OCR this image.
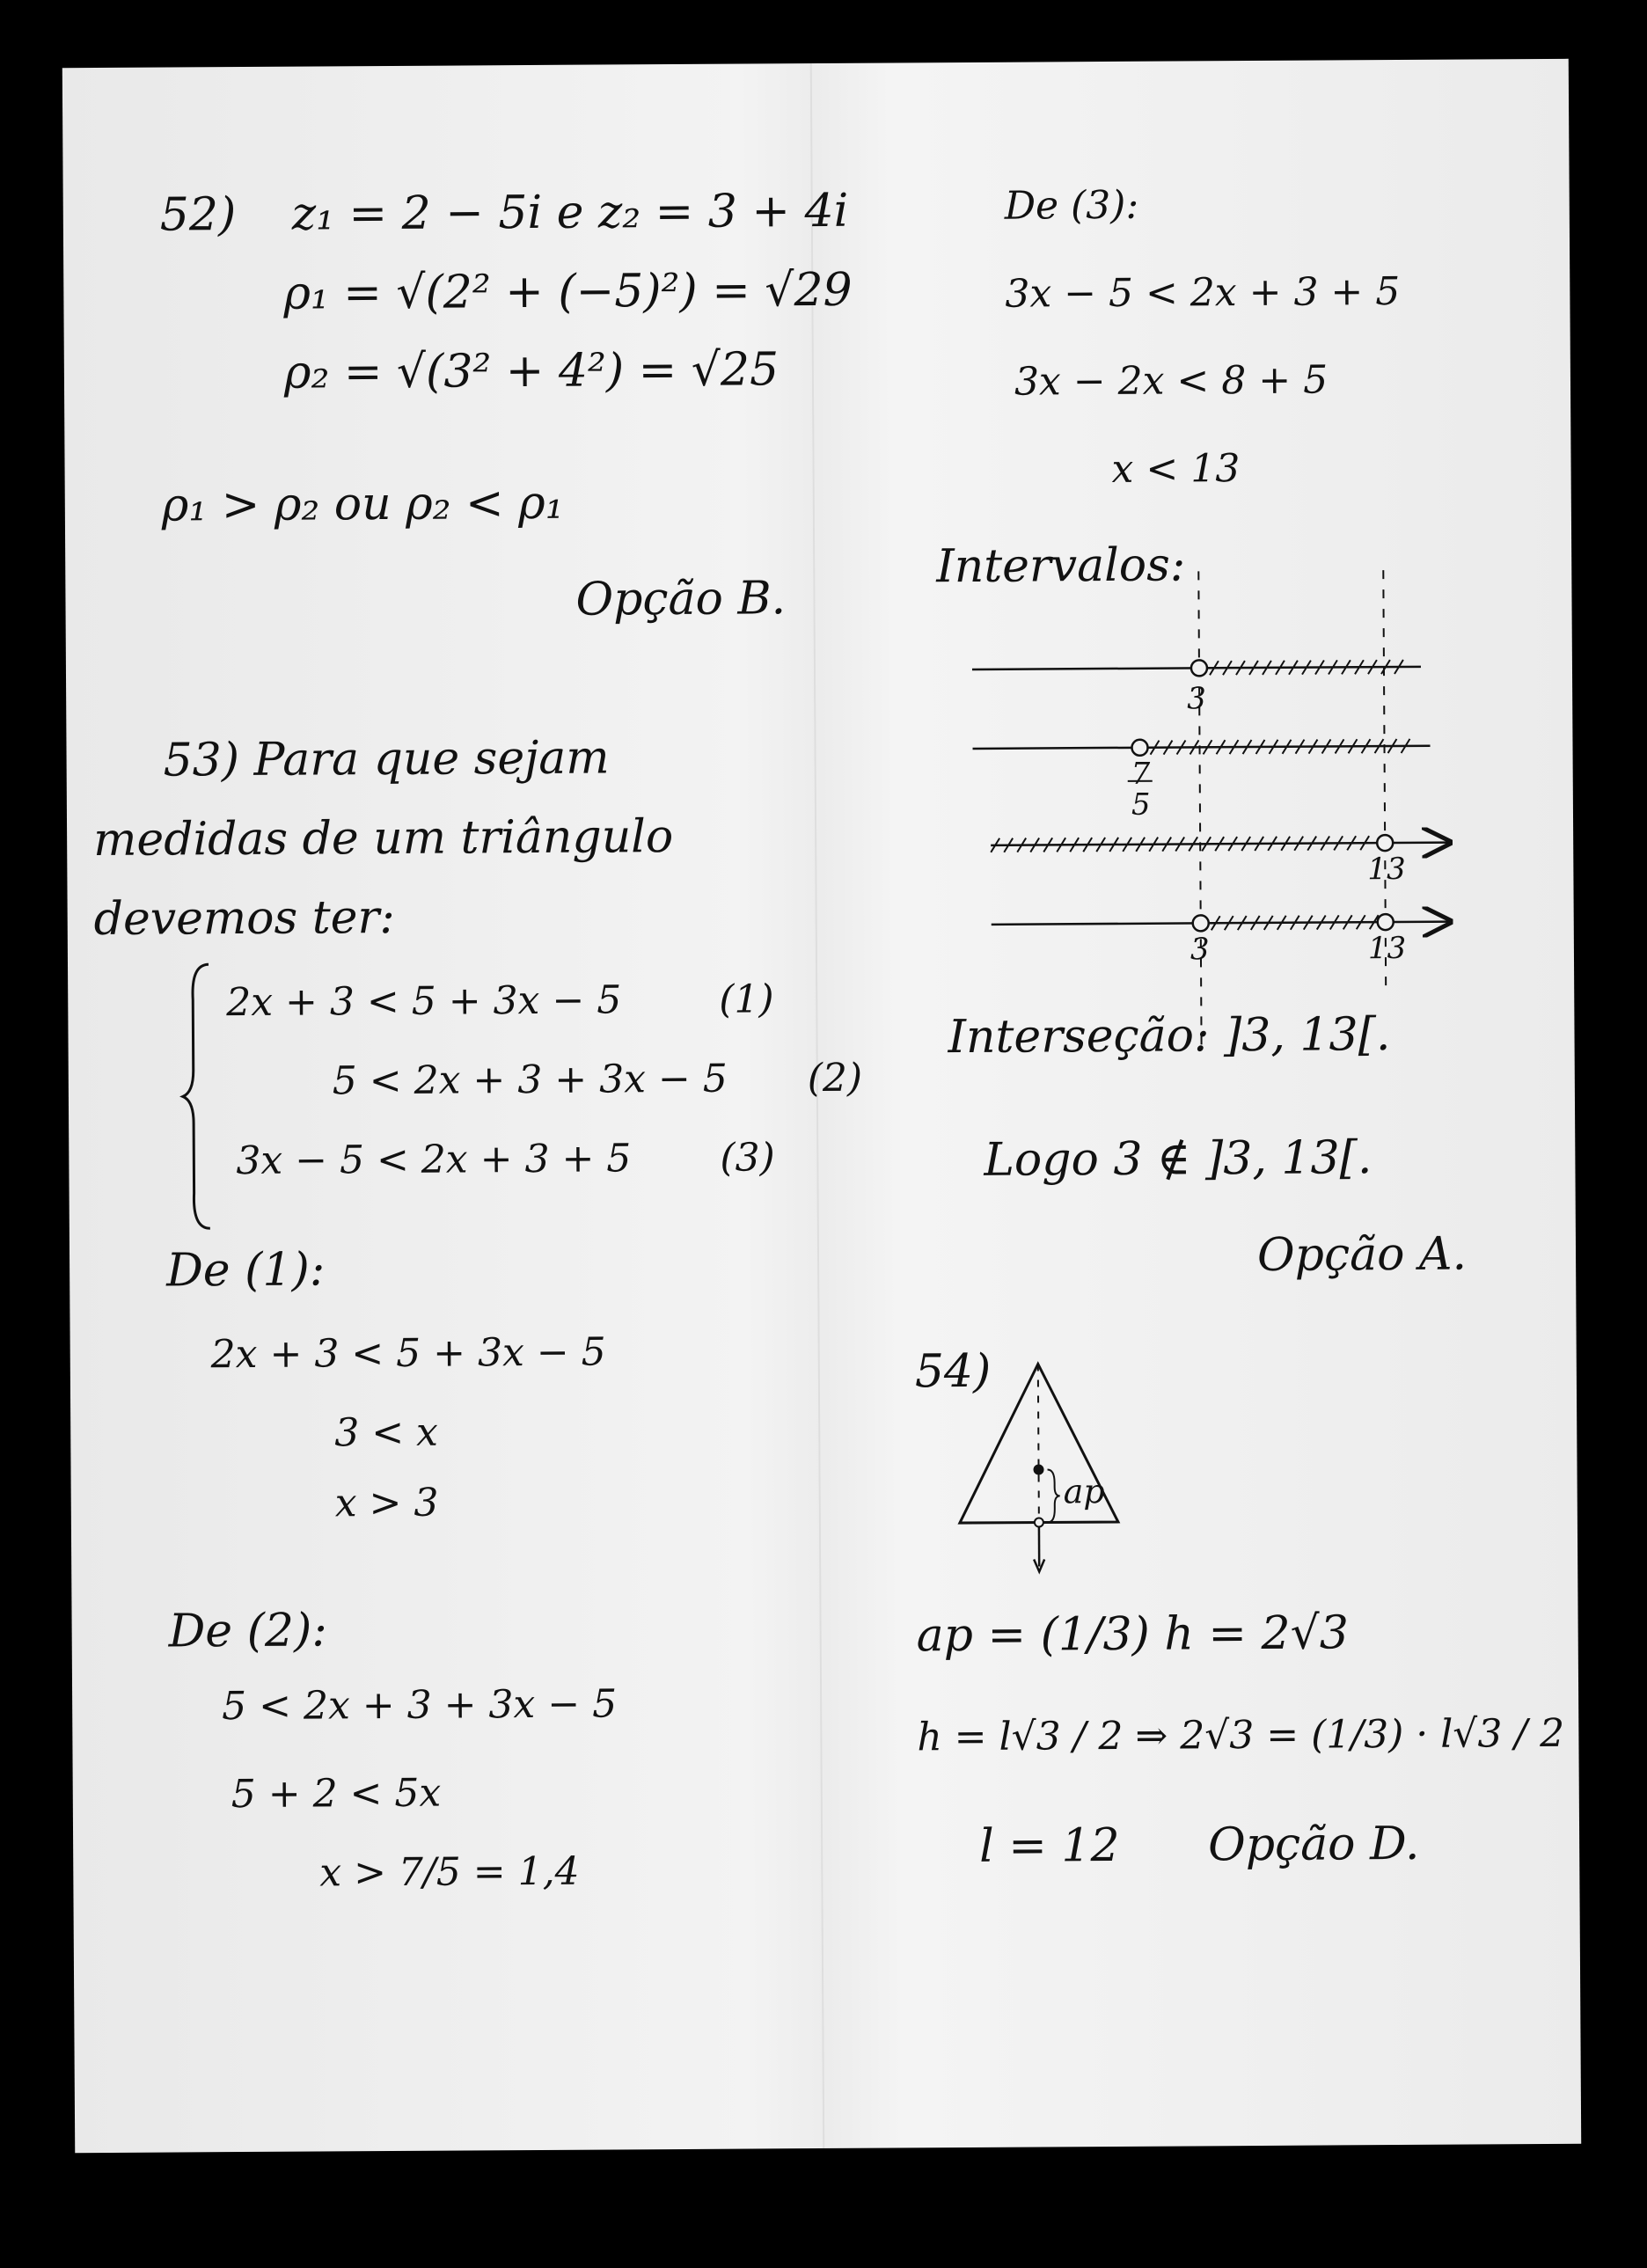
52) z₁ = 2 − 5i e z₂ = 3 + 4i
ρ₁ = √(2² + (−5)²) = √29
ρ₂ = √(3² + 4²) = √25
ρ₁ > ρ₂ ou ρ₂ < ρ₁
Opção B.
53) Para que sejam
medidas de um triângulo
devemos ter:
2x + 3 < 5 + 3x − 5	(1)
5 < 2x + 3 + 3x − 5 (2)
3x − 5 < 2x + 3 + 5 (3)
De (1):
2x + 3 < 5 + 3x − 5
3 < x
x > 3
De (2):
5 < 2x + 3 + 3x − 5
5 + 2 < 5x
x > 7/5 = 1,4
De (3):
3x − 5 < 2x + 3 + 5
3x − 2x < 8 + 5
x < 13
Intervalos:
3
7
5
13
3	13
Interseção: ]3, 13[.
Logo 3 ∉ ]3, 13[.
Opção A.
54)
ap
ap = (1/3) h = 2√3
h = l√3 / 2 ⇒ 2√3 = (1/3) · l√3 / 2
l = 12 Opção D.
